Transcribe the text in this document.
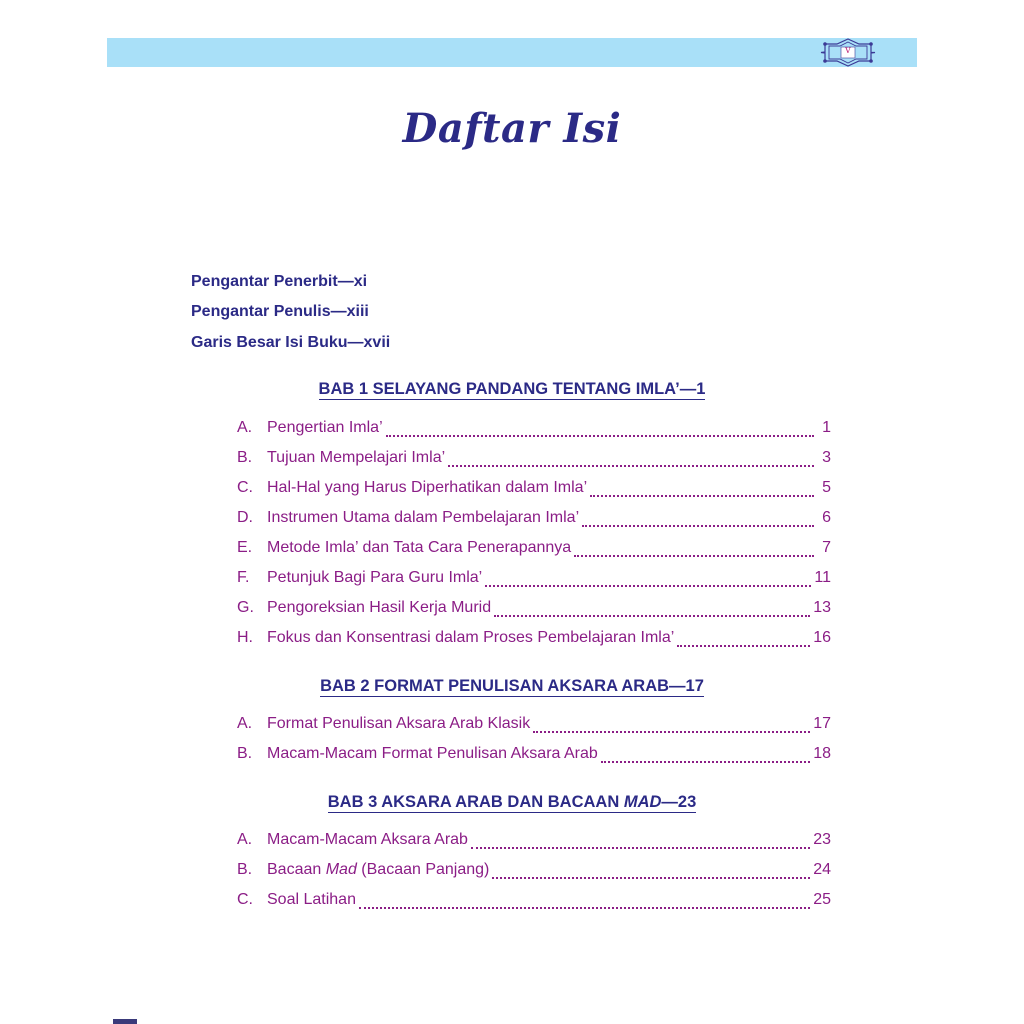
v
Daftar Isi
Pengantar Penerbit—xi
Pengantar Penulis—xiii
Garis Besar Isi Buku—xvii
BAB 1 SELAYANG PANDANG TENTANG IMLA’—1
A. Pengertian Imla’	1
B. Tujuan Mempelajari Imla’	3
C. Hal-Hal yang Harus Diperhatikan dalam Imla’	5
D. Instrumen Utama dalam Pembelajaran Imla’	6
E. Metode Imla’ dan Tata Cara Penerapannya	7
F.	Petunjuk Bagi Para Guru Imla’	11
G. Pengoreksian Hasil Kerja Murid	13
H. Fokus dan Konsentrasi dalam Proses Pembelajaran Imla’	16
BAB 2 FORMAT PENULISAN AKSARA ARAB—17
A. Format Penulisan Aksara Arab Klasik	17
B. Macam-Macam Format Penulisan Aksara Arab	18
BAB 3 AKSARA ARAB DAN BACAAN MAD—23
A. Macam-Macam Aksara Arab	23
B. Bacaan Mad (Bacaan Panjang)	24
C. Soal Latihan	25
